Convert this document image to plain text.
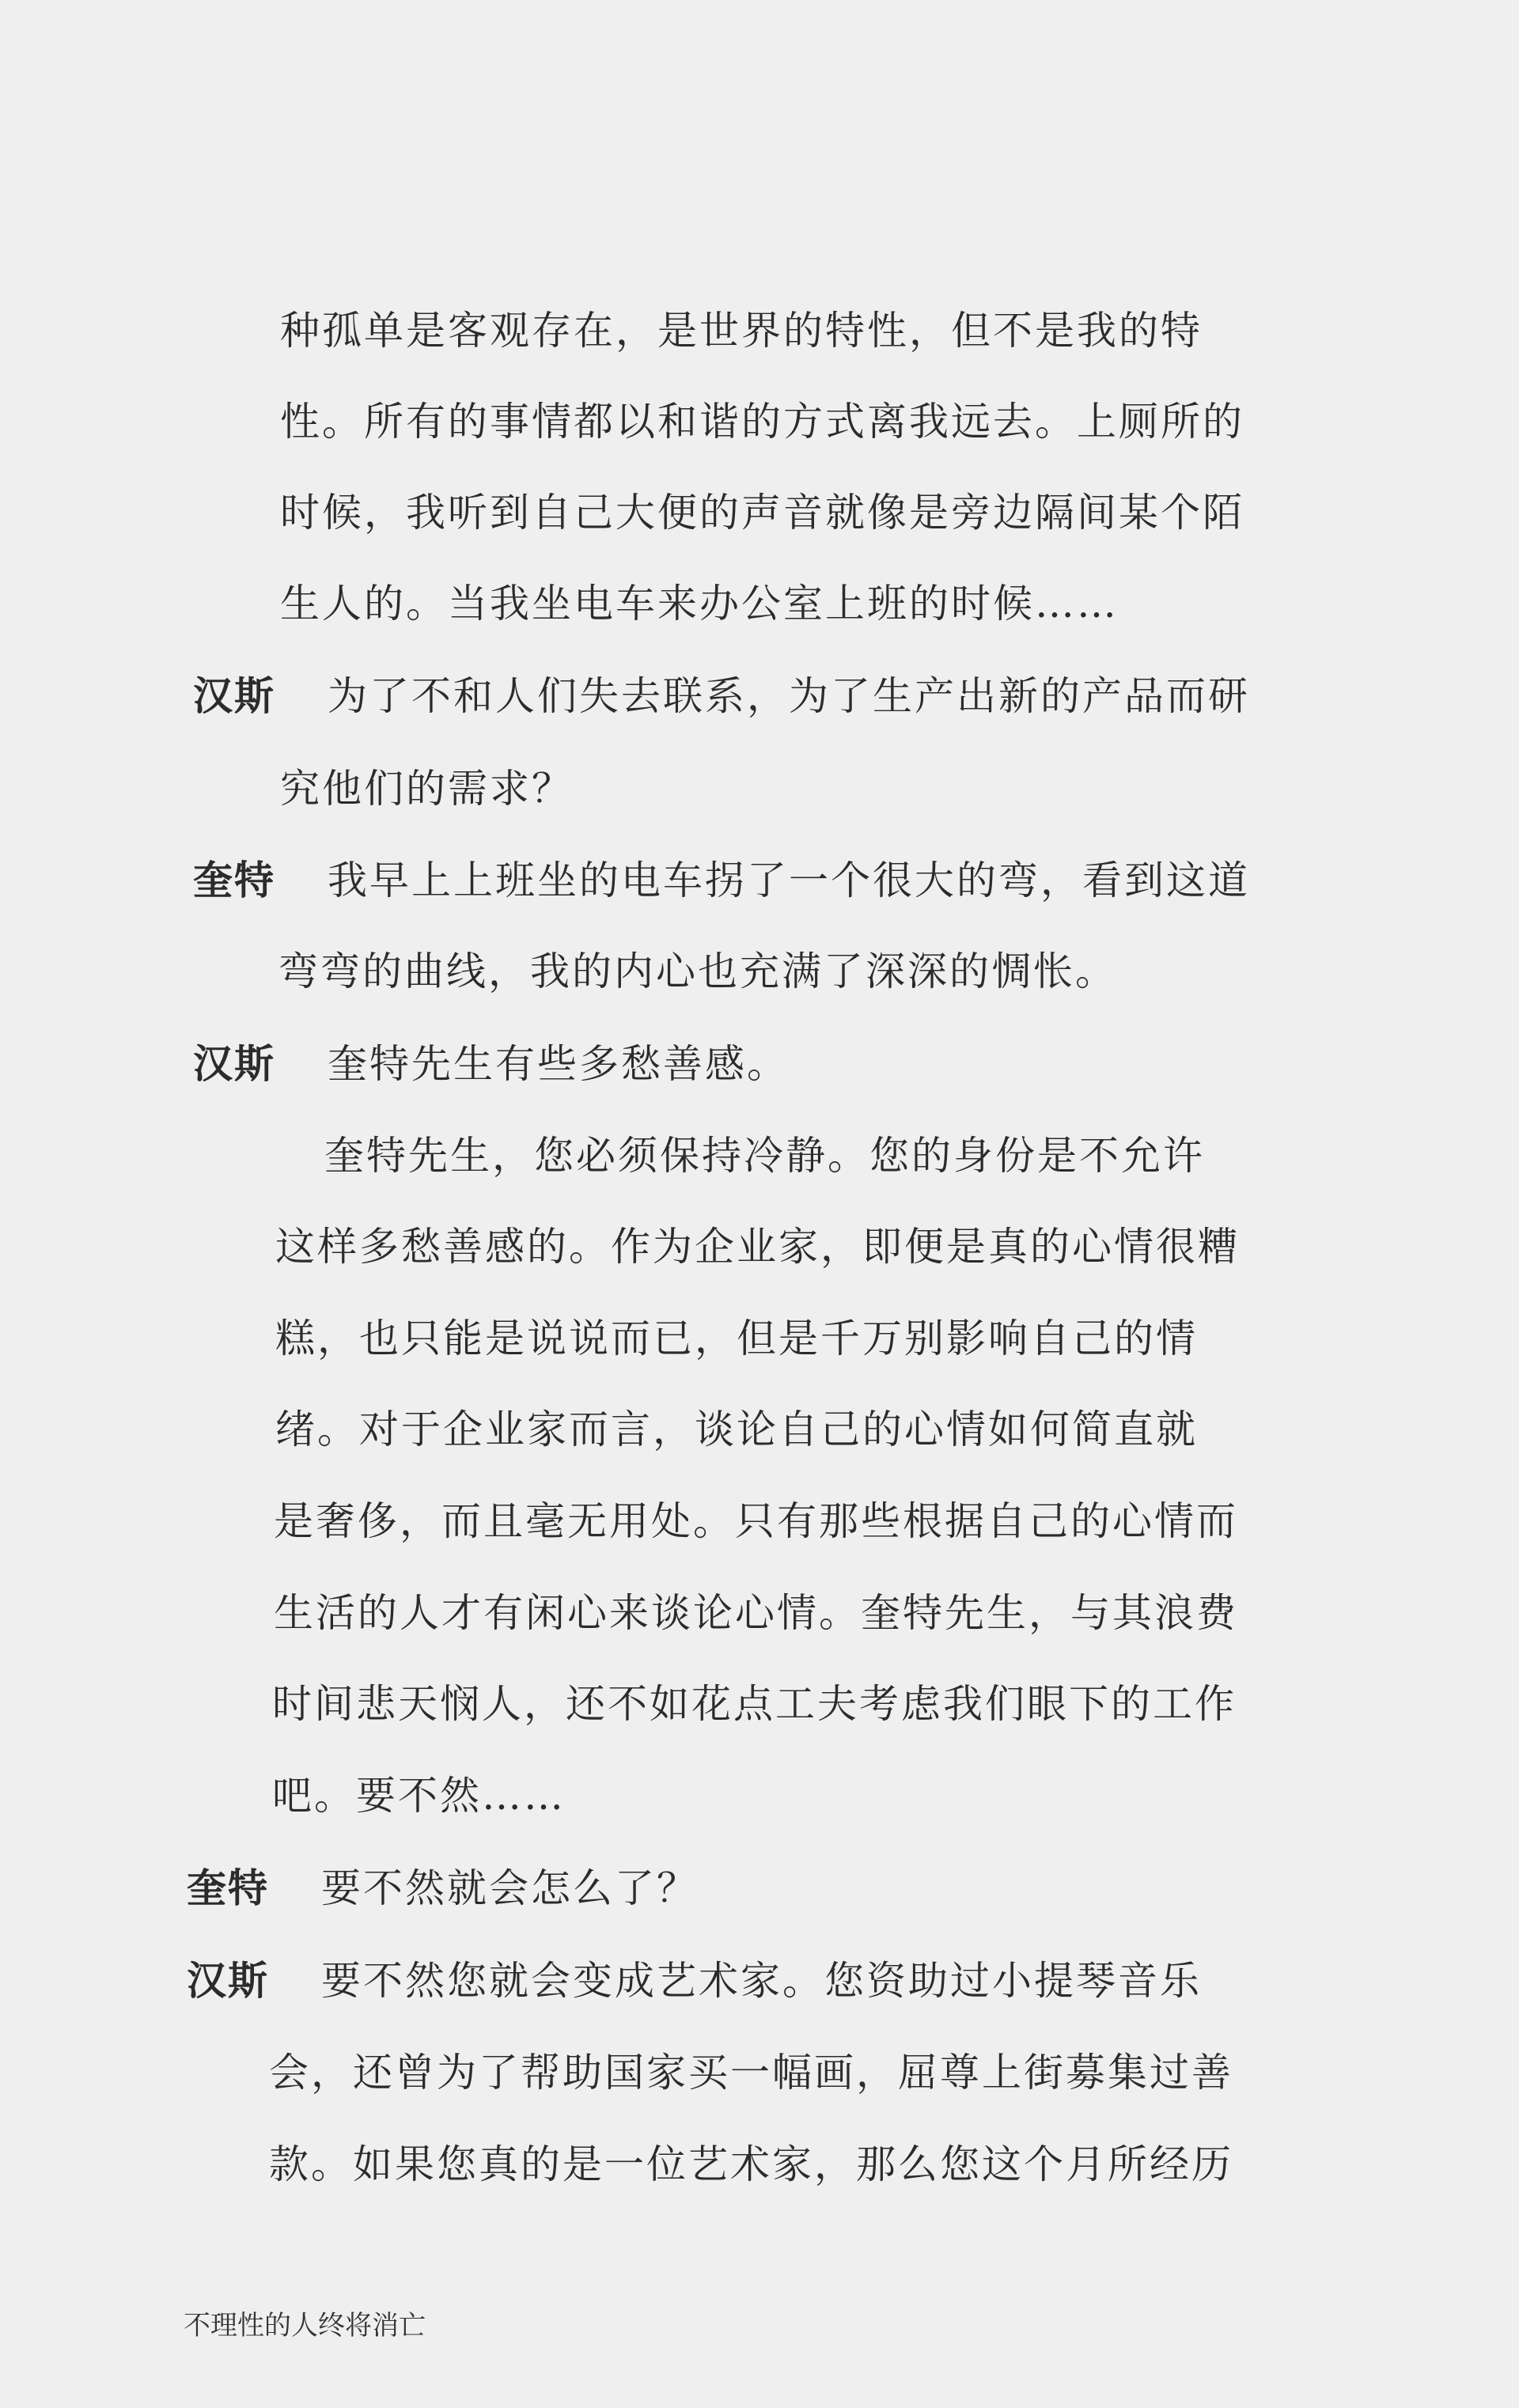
种孤单是客观存在，是世界的特性，但不是我的特
性。所有的事情都以和谐的方式离我远去。上厕所的
时候，我听到自己大便的声音就像是旁边隔间某个陌
生人的。当我坐电车来办公室上班的时候……
汉斯 为了不和人们失去联系，为了生产出新的产品而研
究他们的需求？
奎特 我早上上班坐的电车拐了一个很大的弯，看到这道
弯弯的曲线，我的内心也充满了深深的惆怅。
汉斯 奎特先生有些多愁善感。
奎特先生，您必须保持冷静。您的身份是不允许
这样多愁善感的。作为企业家，即便是真的心情很糟
糕，也只能是说说而已，但是千万别影响自己的情
绪。对于企业家而言，谈论自己的心情如何简直就
是奢侈，而且毫无用处。只有那些根据自己的心情而
生活的人才有闲心来谈论心情。奎特先生，与其浪费
时间悲天悯人，还不如花点工夫考虑我们眼下的工作
吧。要不然……
奎特 要不然就会怎么了？
汉斯 要不然您就会变成艺术家。您资助过小提琴音乐
会，还曾为了帮助国家买一幅画，屈尊上街募集过善
款。如果您真的是一位艺术家，那么您这个月所经历
不理性的人终将消亡
